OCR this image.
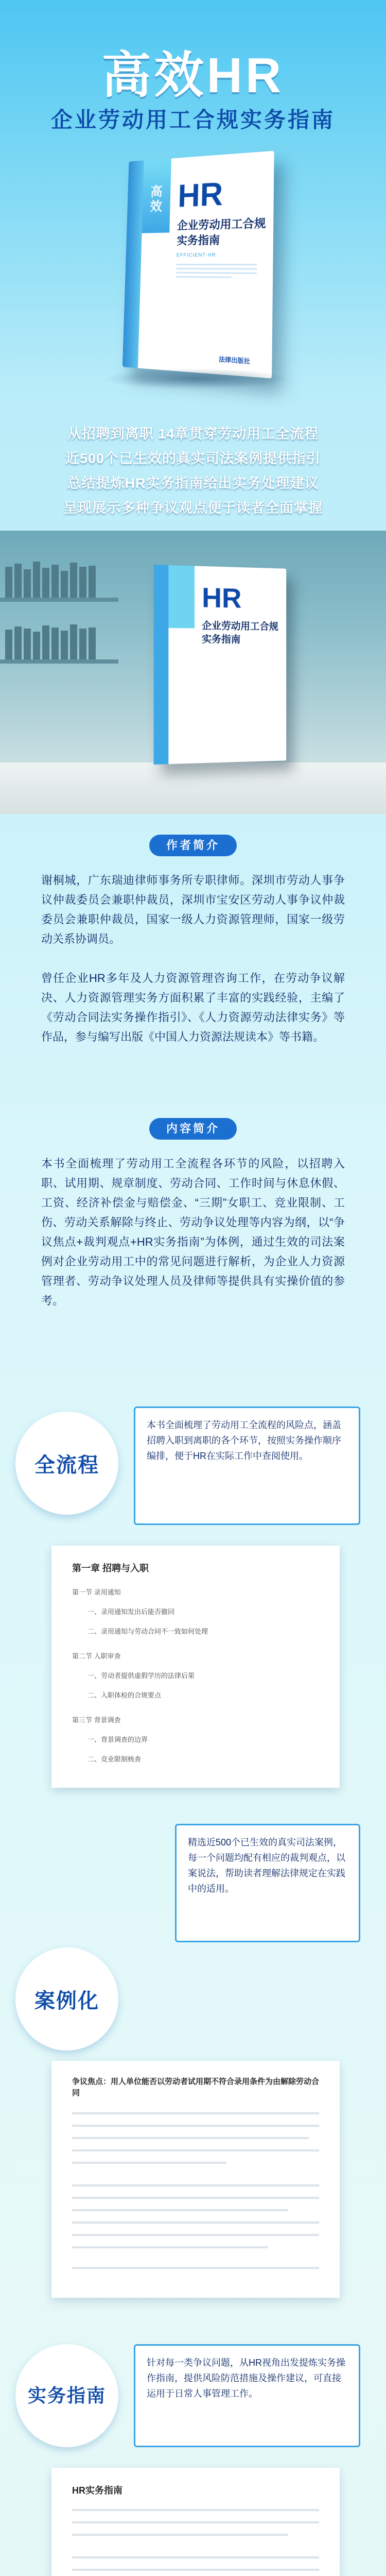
高效HR
企业劳动用工合规实务指南
高效 HR
企业劳动用工合规
实务指南
EFFICIENT HR
法律出版社
从招聘到离职 14章贯穿劳动用工全流程
近500个已生效的真实司法案例提供指引
总结提炼HR实务指南给出实务处理建议
呈现展示多种争议观点便于读者全面掌握
HR
企业劳动用工合规
实务指南
作者简介
谢桐城，广东瑞迪律师事务所专职律师。深圳市劳动人事争议仲裁委员会兼职仲裁员，深圳市宝安区劳动人事争议仲裁委员会兼职仲裁员，国家一级人力资源管理师，国家一级劳动关系协调员。
曾任企业HR多年及人力资源管理咨询工作，在劳动争议解决、人力资源管理实务方面积累了丰富的实践经验，主编了《劳动合同法实务操作指引》、《人力资源劳动法律实务》等作品，参与编写出版《中国人力资源法规读本》等书籍。
内容简介
本书全面梳理了劳动用工全流程各环节的风险，以招聘入职、试用期、规章制度、劳动合同、工作时间与休息休假、工资、经济补偿金与赔偿金、“三期”女职工、竞业限制、工伤、劳动关系解除与终止、劳动争议处理等内容为纲，以“争议焦点+裁判观点+HR实务指南”为体例，通过生效的司法案例对企业劳动用工中的常见问题进行解析，为企业人力资源管理者、劳动争议处理人员及律师等提供具有实操价值的参考。
全流程
本书全面梳理了劳动用工全流程的风险点，涵盖招聘入职到离职的各个环节，按照实务操作顺序编排，便于HR在实际工作中查阅使用。
第一章 招聘与入职
第一节 录用通知
一、录用通知发出后能否撤回
二、录用通知与劳动合同不一致如何处理
第二节 入职审查
一、劳动者提供虚假学历的法律后果
二、入职体检的合规要点
第三节 背景调查
一、背景调查的边界
二、竞业限制核查
精选近500个已生效的真实司法案例，每一个问题均配有相应的裁判观点，以案说法，帮助读者理解法律规定在实践中的适用。
案例化
争议焦点：用人单位能否以劳动者试用期不符合录用条件为由解除劳动合同
实务指南
针对每一类争议问题，从HR视角出发提炼实务操作指南，提供风险防范措施及操作建议，可直接运用于日常人事管理工作。
HR实务指南
